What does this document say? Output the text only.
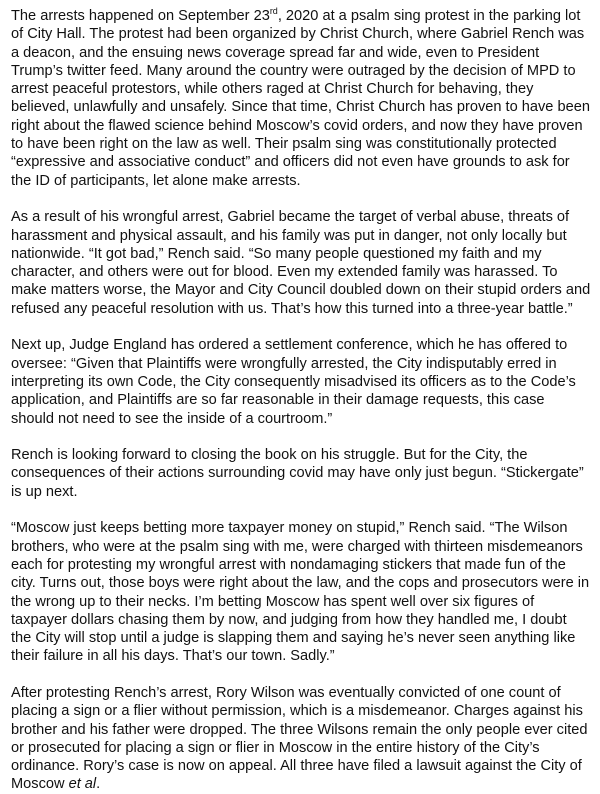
The arrests happened on September 23rd, 2020 at a psalm sing protest in the parking lot of City Hall. The protest had been organized by Christ Church, where Gabriel Rench was a deacon, and the ensuing news coverage spread far and wide, even to President Trump’s twitter feed. Many around the country were outraged by the decision of MPD to arrest peaceful protestors, while others raged at Christ Church for behaving, they believed, unlawfully and unsafely. Since that time, Christ Church has proven to have been right about the flawed science behind Moscow’s covid orders, and now they have proven to have been right on the law as well. Their psalm sing was constitutionally protected “expressive and associative conduct” and officers did not even have grounds to ask for the ID of participants, let alone make arrests.

As a result of his wrongful arrest, Gabriel became the target of verbal abuse, threats of harassment and physical assault, and his family was put in danger, not only locally but nationwide. “It got bad,” Rench said. “So many people questioned my faith and my character, and others were out for blood. Even my extended family was harassed. To make matters worse, the Mayor and City Council doubled down on their stupid orders and refused any peaceful resolution with us. That’s how this turned into a three-year battle.”

Next up, Judge England has ordered a settlement conference, which he has offered to oversee: “Given that Plaintiffs were wrongfully arrested, the City indisputably erred in interpreting its own Code, the City consequently misadvised its officers as to the Code’s application, and Plaintiffs are so far reasonable in their damage requests, this case should not need to see the inside of a courtroom.”

Rench is looking forward to closing the book on his struggle. But for the City, the consequences of their actions surrounding covid may have only just begun. “Stickergate” is up next.

“Moscow just keeps betting more taxpayer money on stupid,” Rench said. “The Wilson brothers, who were at the psalm sing with me, were charged with thirteen misdemeanors each for protesting my wrongful arrest with nondamaging stickers that made fun of the city. Turns out, those boys were right about the law, and the cops and prosecutors were in the wrong up to their necks. I’m betting Moscow has spent well over six figures of taxpayer dollars chasing them by now, and judging from how they handled me, I doubt the City will stop until a judge is slapping them and saying he’s never seen anything like their failure in all his days. That’s our town. Sadly.”

After protesting Rench’s arrest, Rory Wilson was eventually convicted of one count of placing a sign or a flier without permission, which is a misdemeanor. Charges against his brother and his father were dropped. The three Wilsons remain the only people ever cited or prosecuted for placing a sign or flier in Moscow in the entire history of the City’s ordinance. Rory’s case is now on appeal. All three have filed a lawsuit against the City of Moscow et al.
